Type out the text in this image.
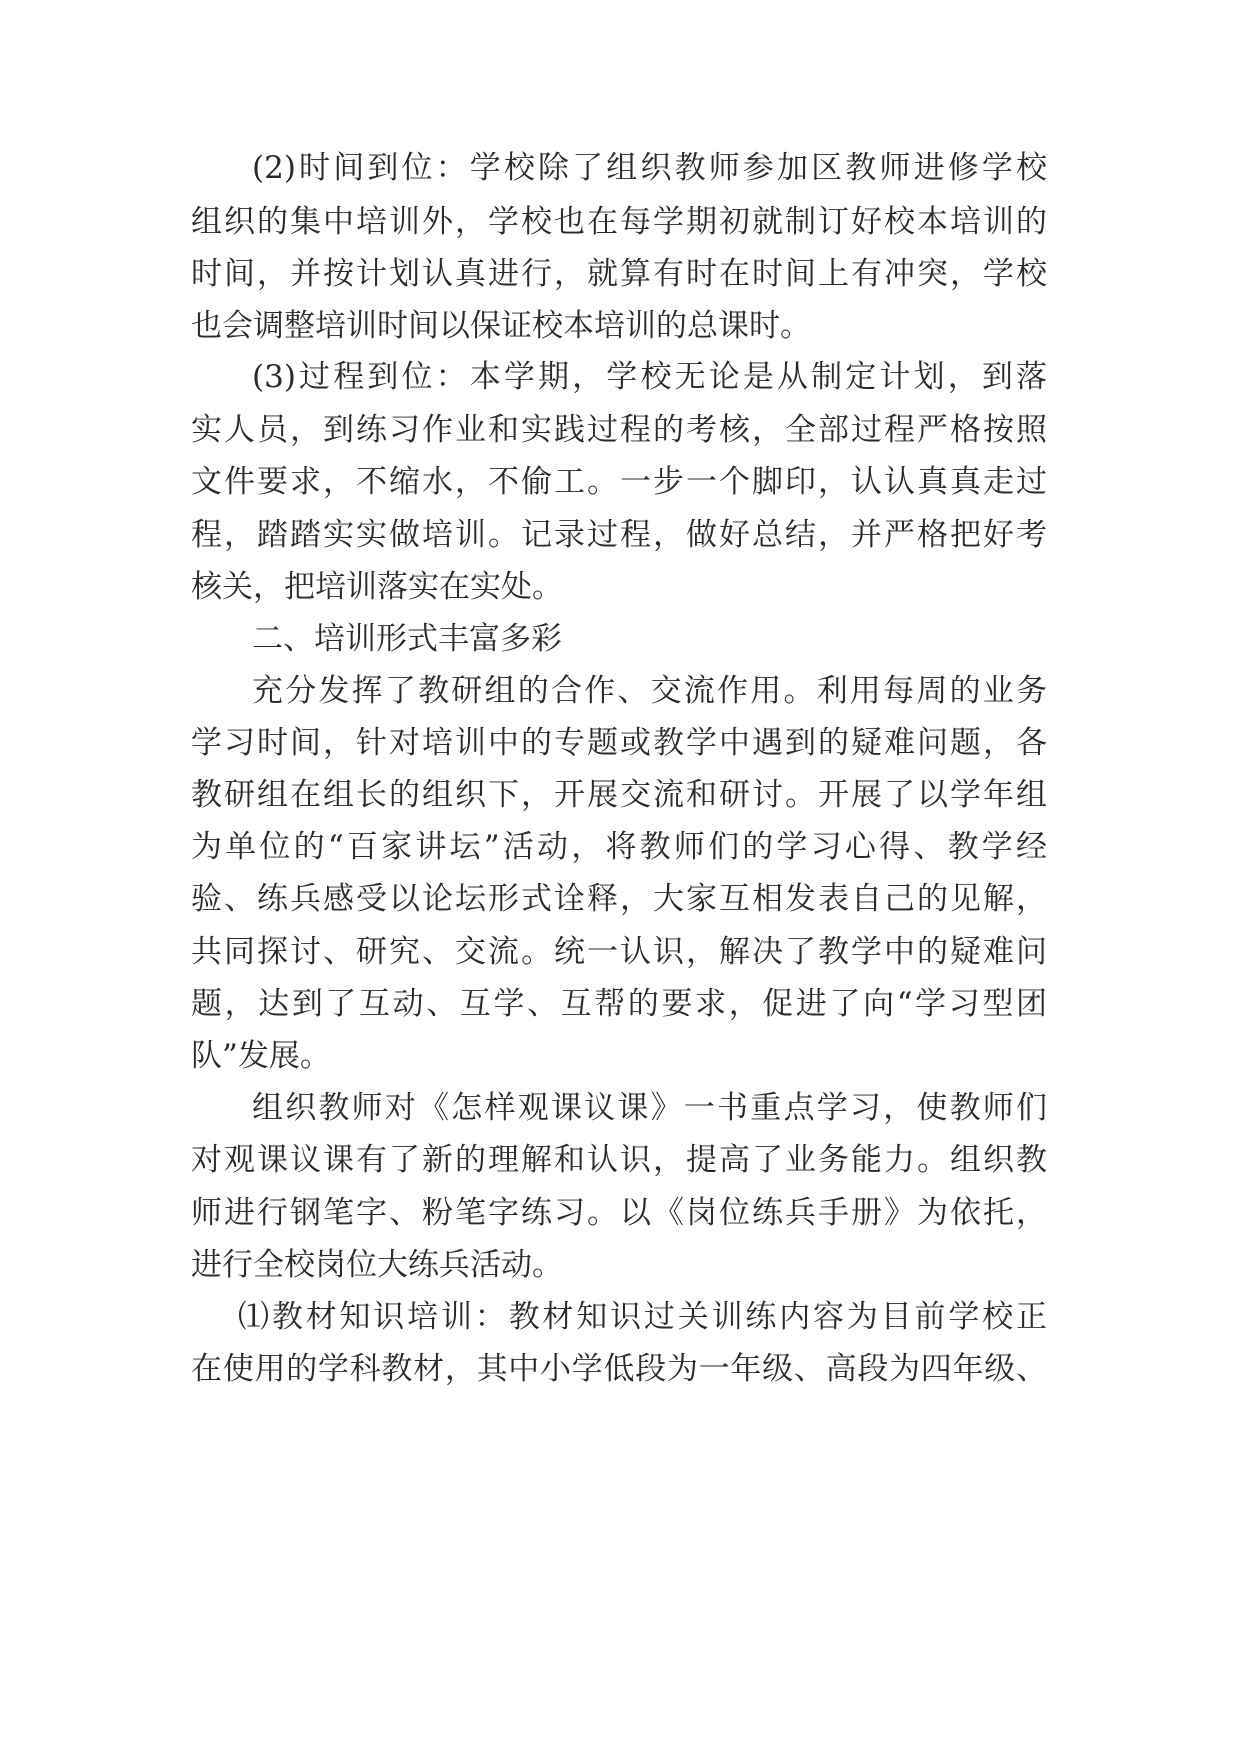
(2)时间到位：学校除了组织教师参加区教师进修学校
组织的集中培训外，学校也在每学期初就制订好校本培训的
时间，并按计划认真进行，就算有时在时间上有冲突，学校
也会调整培训时间以保证校本培训的总课时。
(3)过程到位：本学期，学校无论是从制定计划，到落
实人员，到练习作业和实践过程的考核，全部过程严格按照
文件要求，不缩水，不偷工。一步一个脚印，认认真真走过
程，踏踏实实做培训。记录过程，做好总结，并严格把好考
核关，把培训落实在实处。
二、培训形式丰富多彩
充分发挥了教研组的合作、交流作用。利用每周的业务
学习时间，针对培训中的专题或教学中遇到的疑难问题，各
教研组在组长的组织下，开展交流和研讨。开展了以学年组
为单位的“百家讲坛”活动，将教师们的学习心得、教学经
验、练兵感受以论坛形式诠释，大家互相发表自己的见解，
共同探讨、研究、交流。统一认识，解决了教学中的疑难问
题，达到了互动、互学、互帮的要求，促进了向“学习型团
队”发展。
组织教师对《怎样观课议课》一书重点学习，使教师们
对观课议课有了新的理解和认识，提高了业务能力。组织教
师进行钢笔字、粉笔字练习。以《岗位练兵手册》为依托，
进行全校岗位大练兵活动。
⑴教材知识培训：教材知识过关训练内容为目前学校正
在使用的学科教材，其中小学低段为一年级、高段为四年级、
